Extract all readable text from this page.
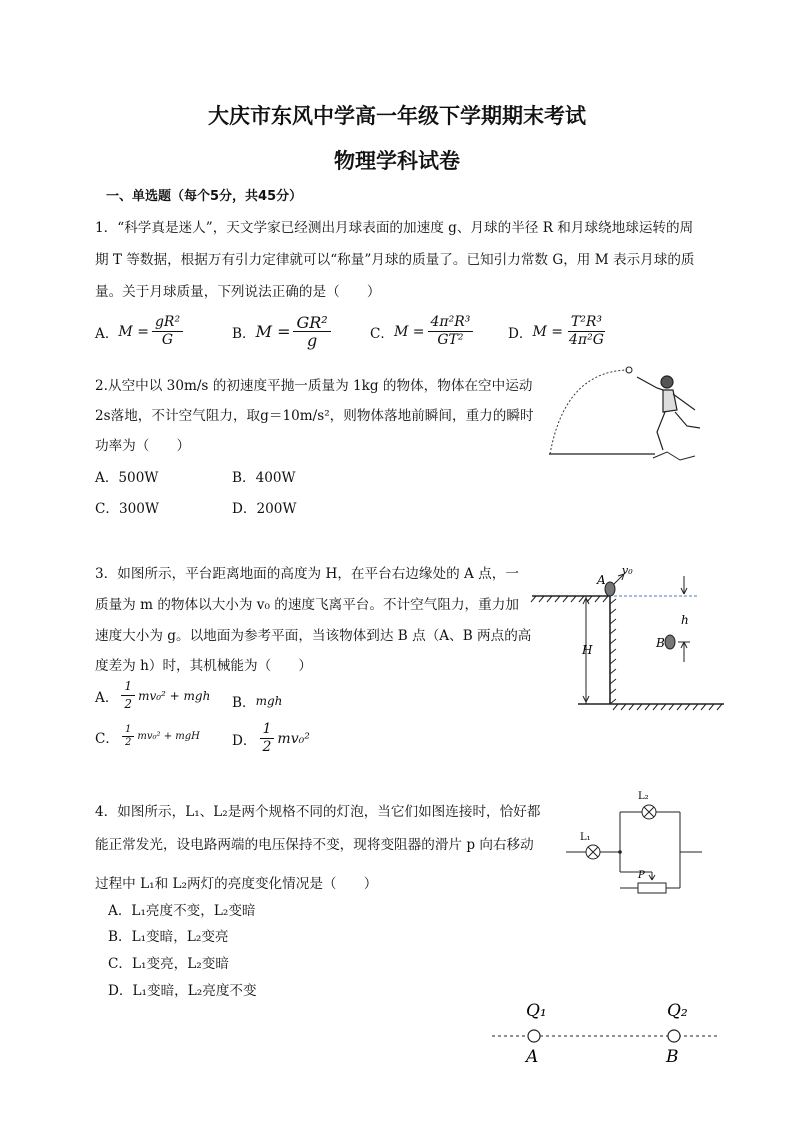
大庆市东风中学高一年级下学期期末考试
物理学科试卷
一、单选题（每个5分，共45分）
1．“科学真是迷人”，天文学家已经测出月球表面的加速度 g、月球的半径 R 和月球绕地球运转的周
期 T 等数据，根据万有引力定律就可以“称量”月球的质量了。已知引力常数 G，用 M 表示月球的质
量。关于月球质量，下列说法正确的是（　　）
A． $M = \frac{\text{gR²}}{G}$	B． $M = \frac{\text{GR²}}{g}$	C． $M = \frac{\text{4π²R³}}{\text{GT²}}$	D． $M = \frac{\text{T²R³}}{\text{4π²G}}$
2.从空中以 30m/s 的初速度平抛一质量为 1kg 的物体，物体在空中运动
2s落地，不计空气阻力，取g＝10m/s²，则物体落地前瞬间，重力的瞬时
功率为（　　）
A．500W	B．400W
C．300W	D．200W
3．如图所示，平台距离地面的高度为 H，在平台右边缘处的 A 点，一
质量为 m 的物体以大小为 v₀ 的速度飞离平台。不计空气阻力，重力加
速度大小为 g。以地面为参考平面，当该物体到达 B 点（A、B 两点的高
度差为 h）时，其机械能为（　　）
A． $\frac{1}{2} mv_0^2$ + mgh B． mgh
C． $\frac{1}{2} mv_0^2$ + mgH D． $\frac{1}{2} mv_0^2$
A
v₀
h
B
H
4．如图所示，L₁、L₂是两个规格不同的灯泡，当它们如图连接时，恰好都
能正常发光，设电路两端的电压保持不变，现将变阻器的滑片 p 向右移动
过程中 L₁和 L₂两灯的亮度变化情况是（　　）
A．L₁亮度不变，L₂变暗
B．L₁变暗，L₂变亮
C．L₁变亮，L₂变暗
D．L₁变暗，L₂亮度不变
L₁
L₂
P
Q₁	Q₂
A	B
